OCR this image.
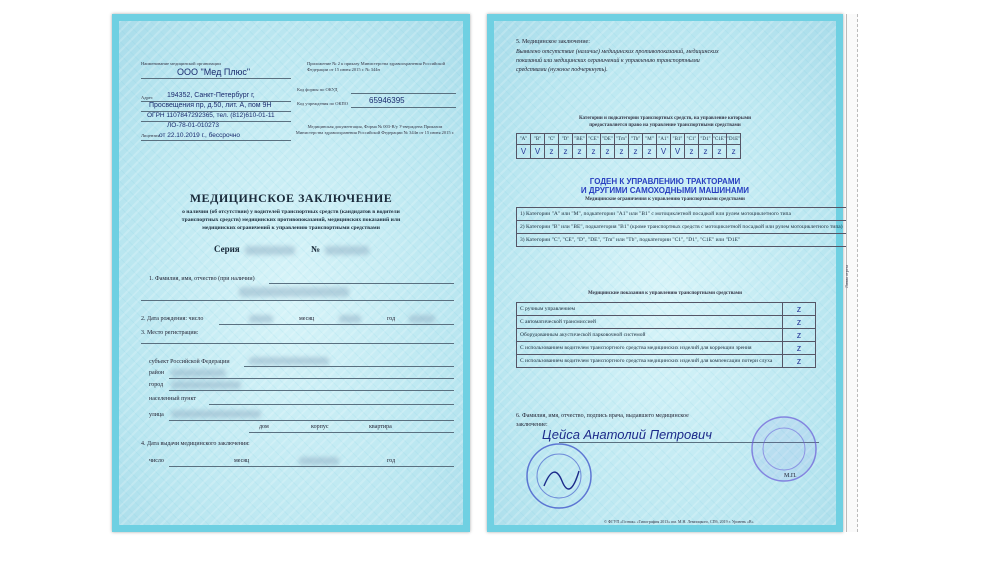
Наименование медицинской организации
ООО "Мед Плюс"
Приложение № 2 к приказу Министерства здравоохранения Российской Федерации от 15 июня 2015 г. № 344н
Адрес 194352, Санкт-Петербург г,
Просвещения пр, д.50, лит. А, пом 9Н
ОГРН 1107847292365, тел. (812)610-01-11
ЛО-78-01-010273
Лицензия от 22.10.2019 г., бессрочно
Код формы по ОКУД
Код учреждения по ОКПО	65946395
Медицинская документация, Форма № 003-В/у Утверждена Приказом Министерства здравоохранения Российской Федерации № 344н от 15 июня 2015 г.
МЕДИЦИНСКОЕ ЗАКЛЮЧЕНИЕ
о наличии (об отсутствии) у водителей транспортных средств (кандидатов в водители
транспортных средств) медицинских противопоказаний, медицинских показаний или
медицинских ограничений к управлению транспортными средствами
Серия	№
1. Фамилия, имя, отчество (при наличии)
2. Дата рождения: число	месяц	год
3. Место регистрации:
субъект Российской Федерации
район
город
населенный пункт
улица
дом	корпус	квартира
4. Дата выдачи медицинского заключения:
число	месяц	год
5. Медицинское заключение:
Выявлено отсутствие (наличие) медицинских противопоказаний, медицинских
показаний или медицинских ограничений к управлению транспортными
средствами (нужное подчеркнуть).
Категории и подкатегории транспортных средств, на управление которыми
предоставляется право на управление транспортными средствами
"A"	"B"	"C"	"D"	"BE"	"CE"	"DE"	"Tm"	"Tb"	"M"	"A1"	"B1"	"C1"	"D1"	"C1E"	"D1E"
V	V	z	z	z	z	z	z	z	z	V	V	z	z	z	z
ГОДЕН К УПРАВЛЕНИЮ ТРАКТОРАМИ
И ДРУГИМИ САМОХОДНЫМИ МАШИНАМИ
Медицинские ограничения к управлению транспортными средствами
1) Категории "A" или "M", подкатегории "A1" или "B1" с мотоциклетной посадкой или рулем мотоциклетного типа	
2) Категории "B" или "BE", подкатегория "B1" (кроме транспортных средств с мотоциклетной посадкой или рулем мотоциклетного типа)	
3) Категории "C", "CE", "D", "DE", "Tm" или "Tb", подкатегории "C1", "D1", "C1E" или "D1E"	
Медицинские показания к управлению транспортными средствами
С ручным управлением	z
С автоматической трансмиссией	z
Оборудованным акустической парковочной системой	z
С использованием водителем транспортного средства медицинских изделий для коррекции зрения	z
С использованием водителем транспортного средства медицинских изделий для компенсации потери слуха	z
6. Фамилия, имя, отчество, подпись врача, выдавшего медицинское
заключение:
Цейса Анатолий Петрович
М.П.
© ФГУП «Гознак» «Типография 2013» им. М.Н. Лемпицкого, СПб, 2019 г. Уровень «В»
Линия отреза
